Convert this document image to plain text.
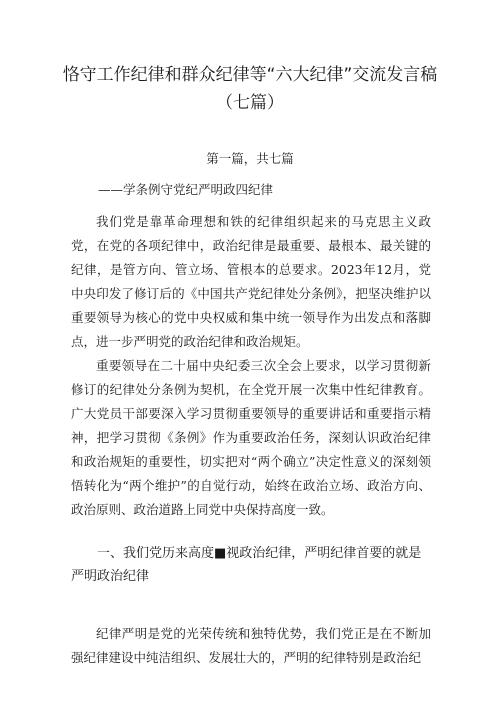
恪守工作纪律和群众纪律等“六大纪律”交流发言稿
（七篇）

第一篇，共七篇

——学条例守党纪严明政四纪律

我们党是靠革命理想和铁的纪律组织起来的马克思主义政党，在党的各项纪律中，政治纪律是最重要、最根本、最关键的纪律，是管方向、管立场、管根本的总要求。2023年12月，党中央印发了修订后的《中国共产党纪律处分条例》，把坚决维护以重要领导为核心的党中央权威和集中统一领导作为出发点和落脚点，进一步严明党的政治纪律和政治规矩。

重要领导在二十届中央纪委三次全会上要求，以学习贯彻新修订的纪律处分条例为契机，在全党开展一次集中性纪律教育。广大党员干部要深入学习贯彻重要领导的重要讲话和重要指示精神，把学习贯彻《条例》作为重要政治任务，深刻认识政治纪律和政治规矩的重要性，切实把对“两个确立”决定性意义的深刻领悟转化为“两个维护”的自觉行动，始终在政治立场、政治方向、政治原则、政治道路上同党中央保持高度一致。

一、我们党历来高度■视政治纪律，严明纪律首要的就是严明政治纪律

纪律严明是党的光荣传统和独特优势，我们党正是在不断加强纪律建设中纯洁组织、发展壮大的，严明的纪律特别是政治纪
